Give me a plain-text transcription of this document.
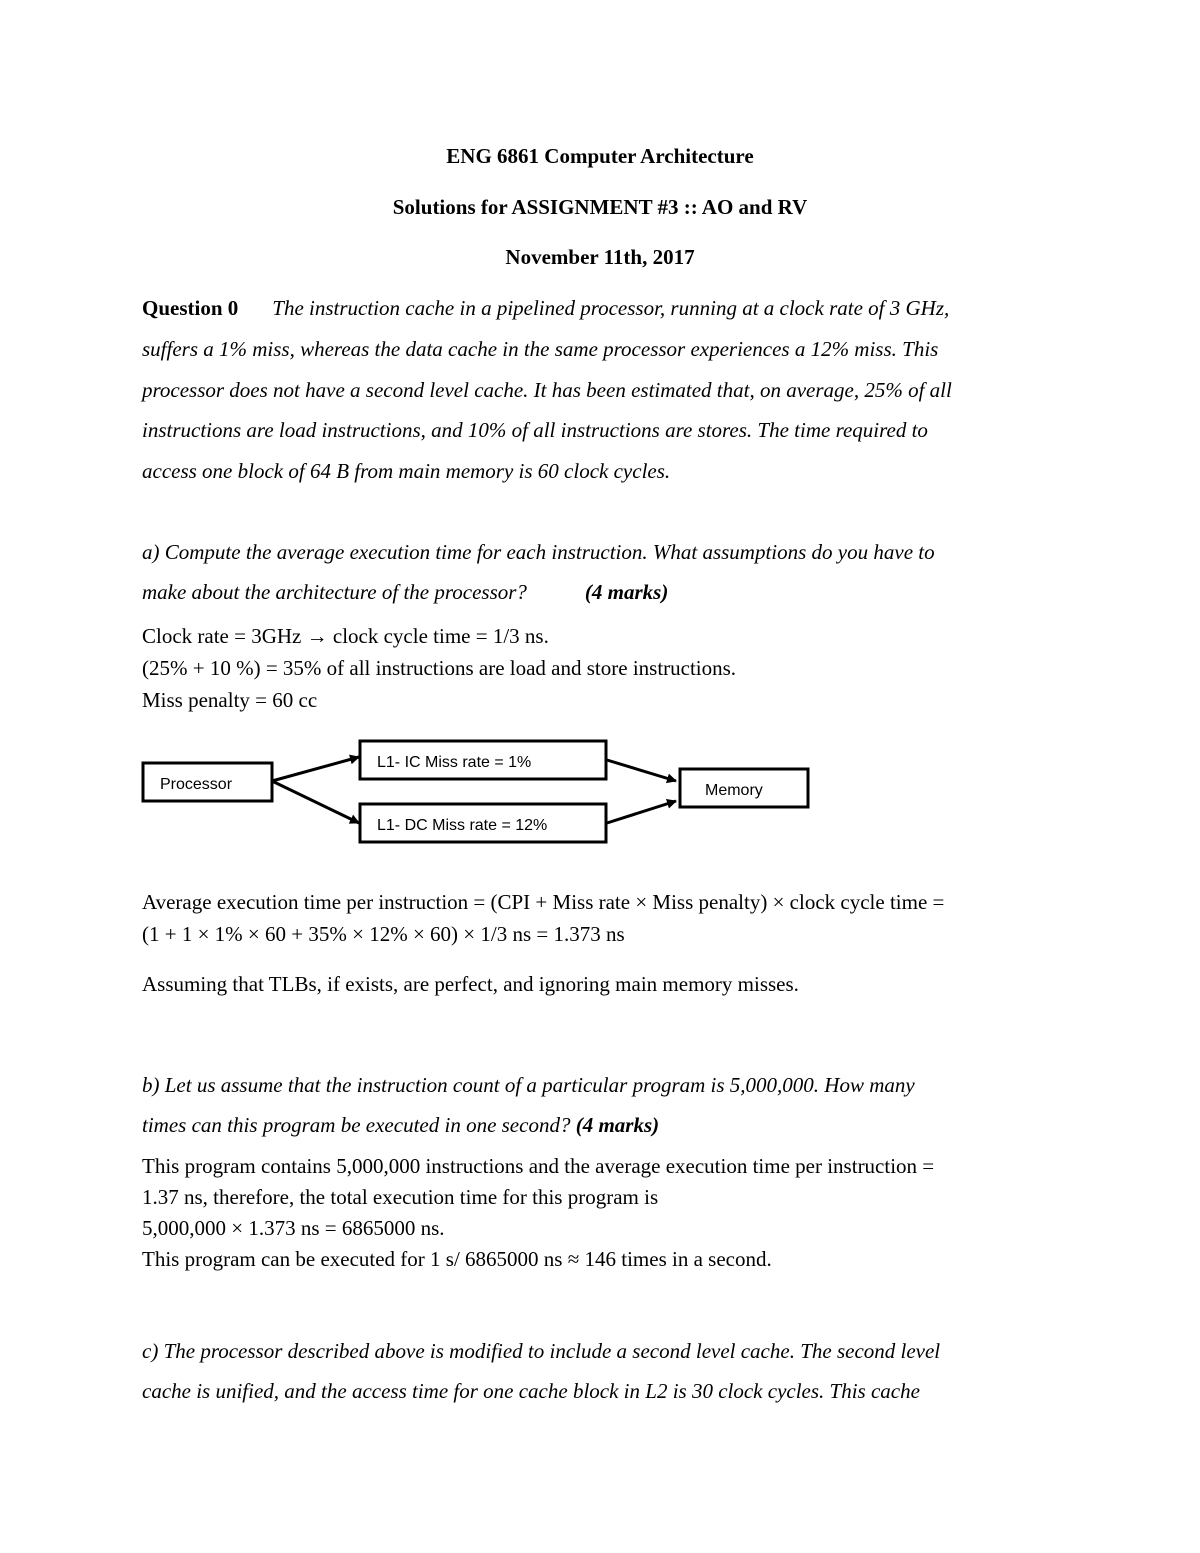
ENG 6861 Computer Architecture
Solutions for ASSIGNMENT #3 :: AO and RV
November 11th, 2017
Question 0 The instruction cache in a pipelined processor, running at a clock rate of 3 GHz,
suffers a 1% miss, whereas the data cache in the same processor experiences a 12% miss. This
processor does not have a second level cache. It has been estimated that, on average, 25% of all
instructions are load instructions, and 10% of all instructions are stores. The time required to
access one block of 64 B from main memory is 60 clock cycles.
a) Compute the average execution time for each instruction. What assumptions do you have to
make about the architecture of the processor?	(4 marks)
Clock rate = 3GHz → clock cycle time = 1/3 ns.
(25% + 10 %) = 35% of all instructions are load and store instructions.
Miss penalty = 60 cc
Processor
L1- IC Miss rate = 1%
L1- DC Miss rate = 12%
Memory
Average execution time per instruction = (CPI + Miss rate × Miss penalty) × clock cycle time =
(1 + 1 × 1% × 60 + 35% × 12% × 60) × 1/3 ns = 1.373 ns
Assuming that TLBs, if exists, are perfect, and ignoring main memory misses.
b) Let us assume that the instruction count of a particular program is 5,000,000. How many
times can this program be executed in one second? (4 marks)
This program contains 5,000,000 instructions and the average execution time per instruction =
1.37 ns, therefore, the total execution time for this program is
5,000,000 × 1.373 ns = 6865000 ns.
This program can be executed for 1 s/ 6865000 ns ≈ 146 times in a second.
c) The processor described above is modified to include a second level cache. The second level
cache is unified, and the access time for one cache block in L2 is 30 clock cycles. This cache
